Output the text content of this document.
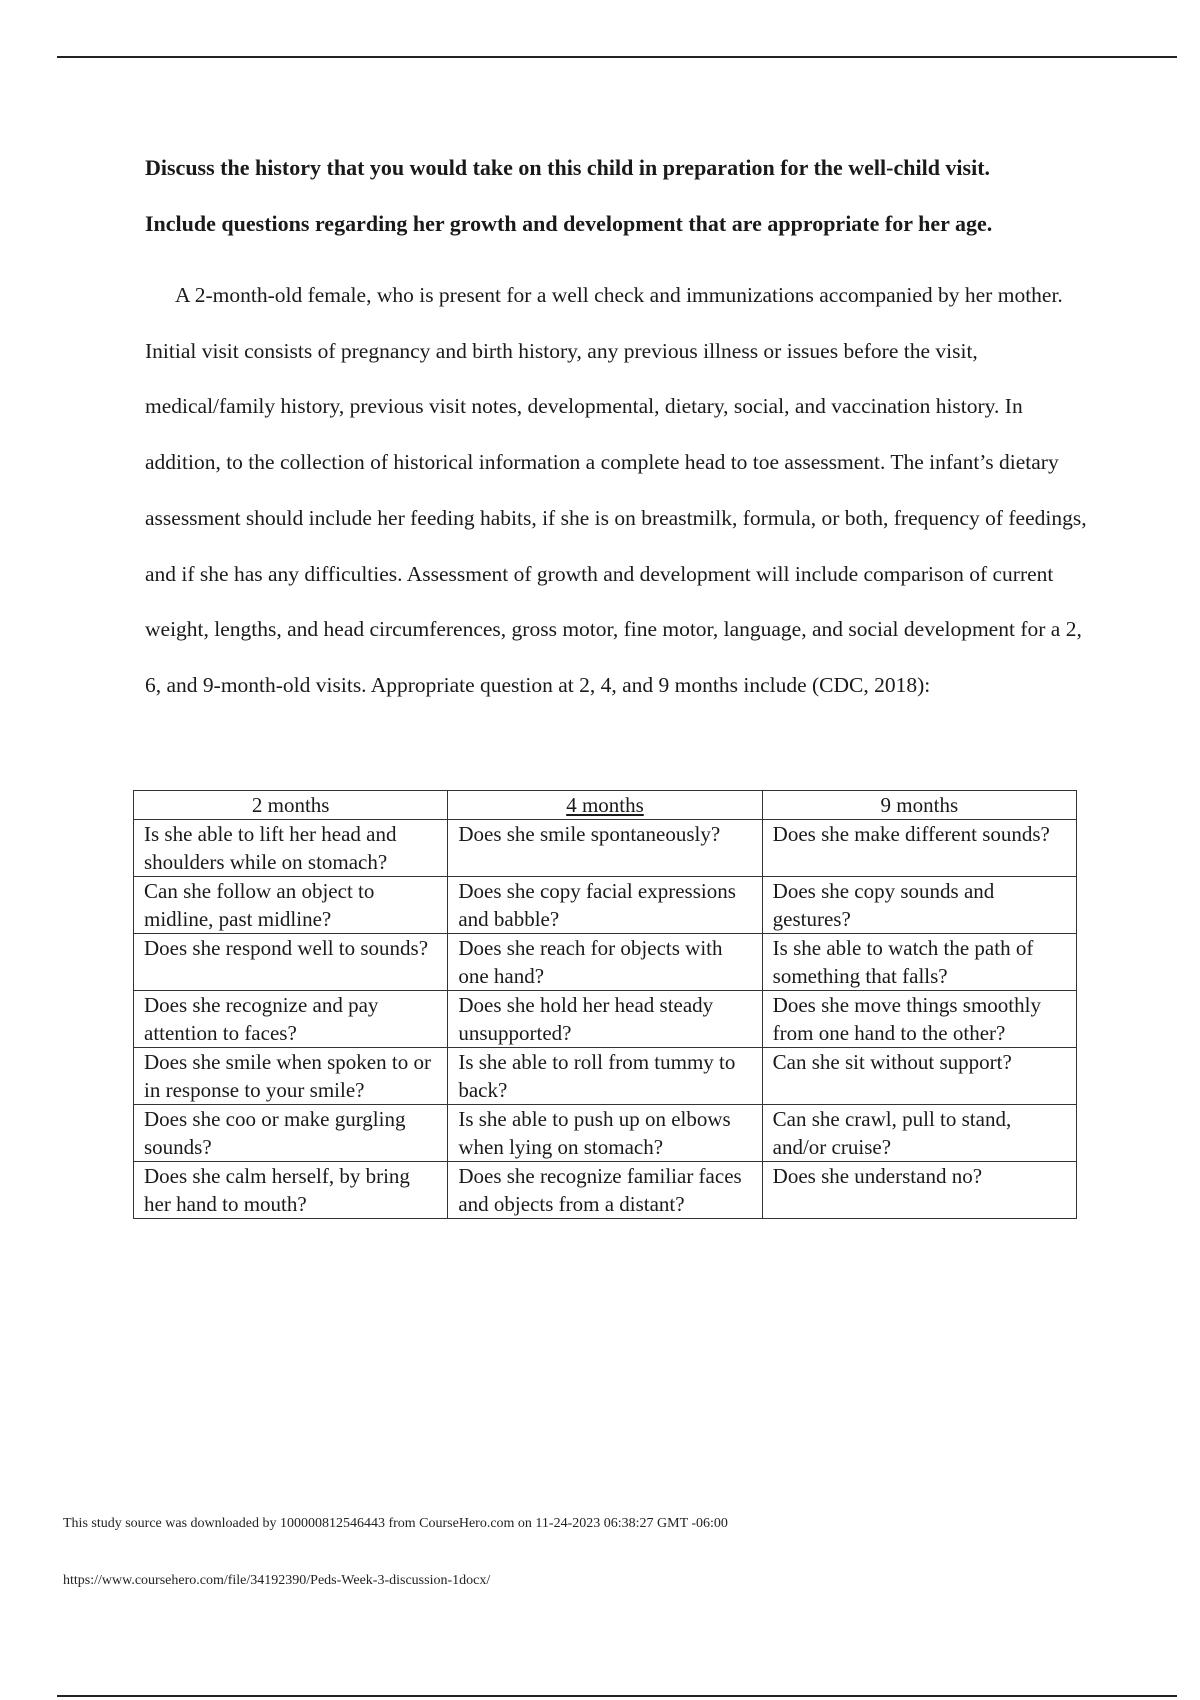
Discuss the history that you would take on this child in preparation for the well-child visit.

Include questions regarding her growth and development that are appropriate for her age.

A 2-month-old female, who is present for a well check and immunizations accompanied by her mother. Initial visit consists of pregnancy and birth history, any previous illness or issues before the visit, medical/family history, previous visit notes, developmental, dietary, social, and vaccination history. In addition, to the collection of historical information a complete head to toe assessment. The infant’s dietary assessment should include her feeding habits, if she is on breastmilk, formula, or both, frequency of feedings, and if she has any difficulties. Assessment of growth and development will include comparison of current weight, lengths, and head circumferences, gross motor, fine motor, language, and social development for a 2, 6, and 9-month-old visits. Appropriate question at 2, 4, and 9 months include (CDC, 2018):

2 months	4 months	9 months
Is she able to lift her head and shoulders while on stomach?	Does she smile spontaneously?	Does she make different sounds?
Can she follow an object to midline, past midline?	Does she copy facial expressions and babble?	Does she copy sounds and gestures?
Does she respond well to sounds?	Does she reach for objects with one hand?	Is she able to watch the path of something that falls?
Does she recognize and pay attention to faces?	Does she hold her head steady unsupported?	Does she move things smoothly from one hand to the other?
Does she smile when spoken to or in response to your smile?	Is she able to roll from tummy to back?	Can she sit without support?
Does she coo or make gurgling sounds?	Is she able to push up on elbows when lying on stomach?	Can she crawl, pull to stand, and/or cruise?
Does she calm herself, by bring her hand to mouth?	Does she recognize familiar faces and objects from a distant?	Does she understand no?
This study source was downloaded by 100000812546443 from CourseHero.com on 11-24-2023 06:38:27 GMT -06:00
https://www.coursehero.com/file/34192390/Peds-Week-3-discussion-1docx/
